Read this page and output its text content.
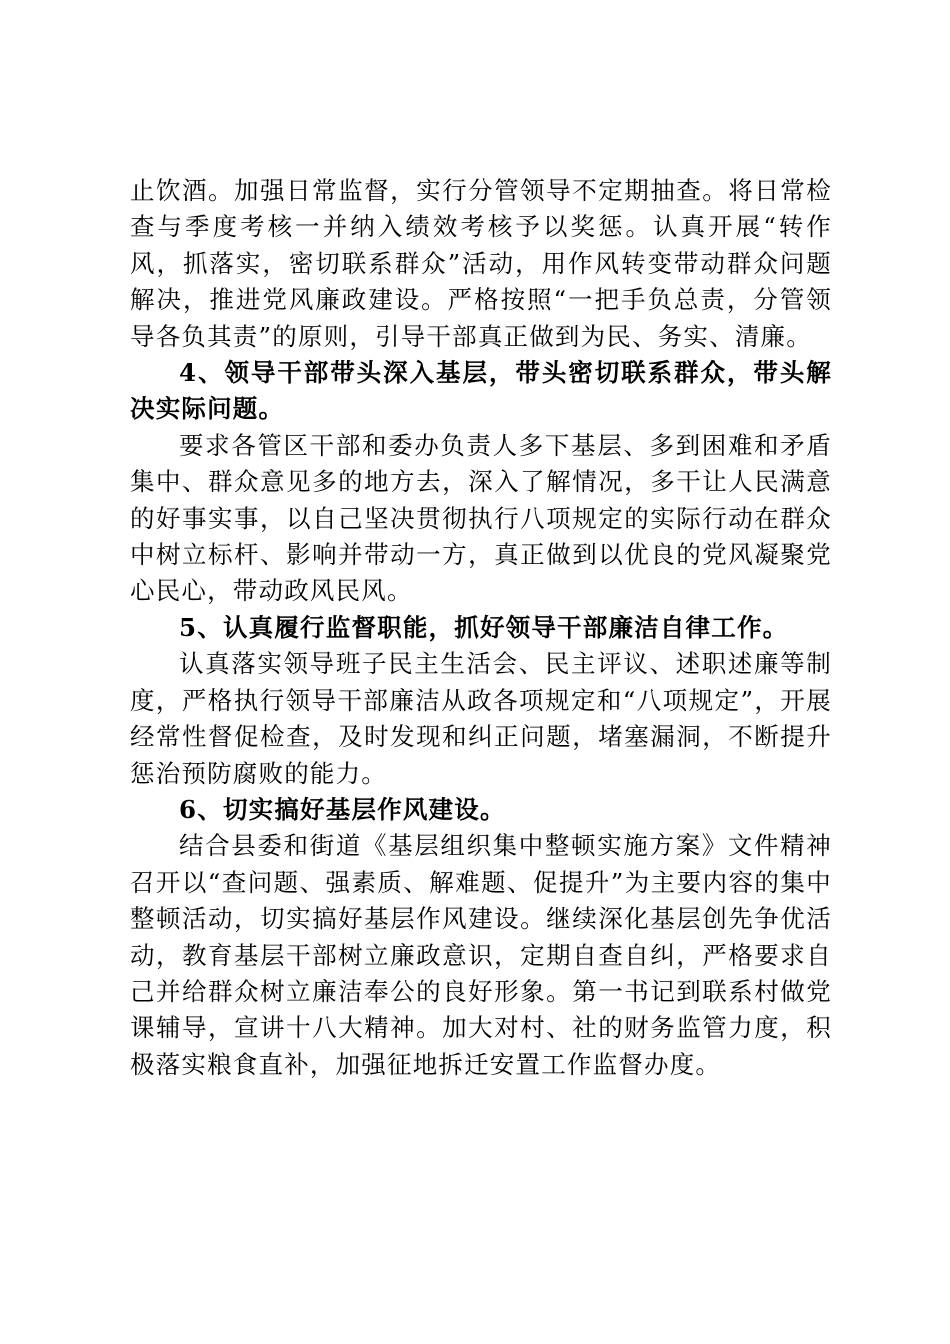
止饮酒。加强日常监督，实行分管领导不定期抽查。将日常检查与季度考核一并纳入绩效考核予以奖惩。认真开展“转作风，抓落实，密切联系群众”活动，用作风转变带动群众问题解决，推进党风廉政建设。严格按照“一把手负总责，分管领导各负其责”的原则，引导干部真正做到为民、务实、清廉。

4、领导干部带头深入基层，带头密切联系群众，带头解决实际问题。

要求各管区干部和委办负责人多下基层、多到困难和矛盾集中、群众意见多的地方去，深入了解情况，多干让人民满意的好事实事，以自己坚决贯彻执行八项规定的实际行动在群众中树立标杆、影响并带动一方，真正做到以优良的党风凝聚党心民心，带动政风民风。

5、认真履行监督职能，抓好领导干部廉洁自律工作。

认真落实领导班子民主生活会、民主评议、述职述廉等制度，严格执行领导干部廉洁从政各项规定和“八项规定”，开展经常性督促检查，及时发现和纠正问题，堵塞漏洞，不断提升惩治预防腐败的能力。

6、切实搞好基层作风建设。

结合县委和街道《基层组织集中整顿实施方案》文件精神召开以“查问题、强素质、解难题、促提升”为主要内容的集中整顿活动，切实搞好基层作风建设。继续深化基层创先争优活动，教育基层干部树立廉政意识，定期自查自纠，严格要求自己并给群众树立廉洁奉公的良好形象。第一书记到联系村做党课辅导，宣讲十八大精神。加大对村、社的财务监管力度，积极落实粮食直补，加强征地拆迁安置工作监督办度。
